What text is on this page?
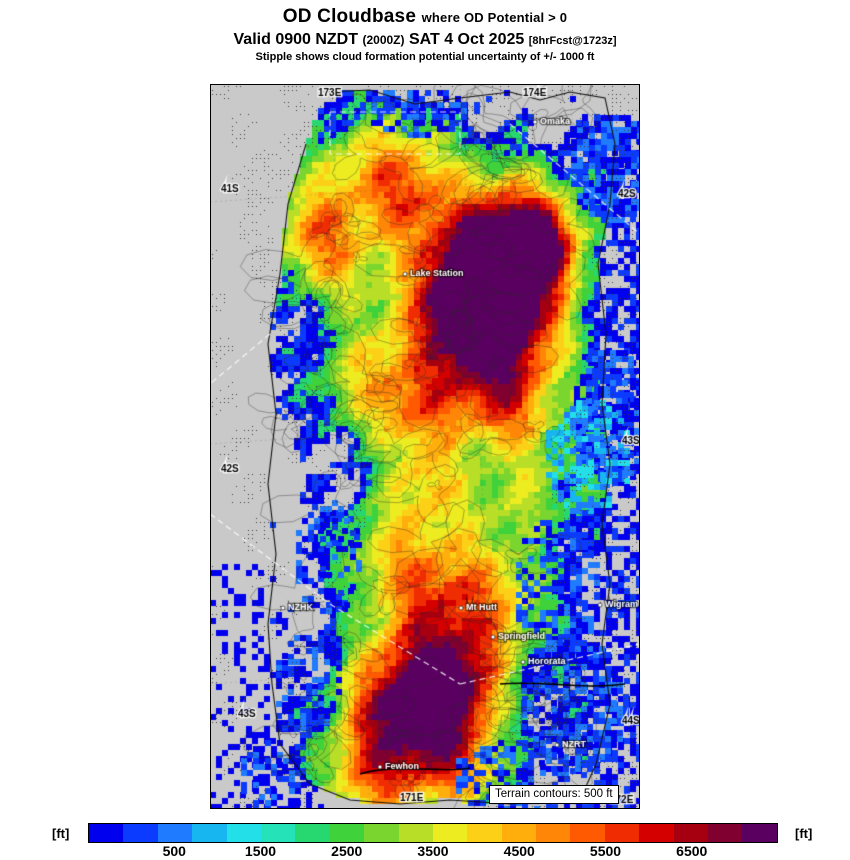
OD Cloudbase where OD Potential > 0
Valid 0900 NZDT (2000Z) SAT 4 Oct 2025 [8hrFcst@1723z]
Stipple shows cloud formation potential uncertainty of +/- 1000 ft
Terrain contours: 500 ft
[ft]	[ft]
500	1500	2500	3500	4500	5500	6500
